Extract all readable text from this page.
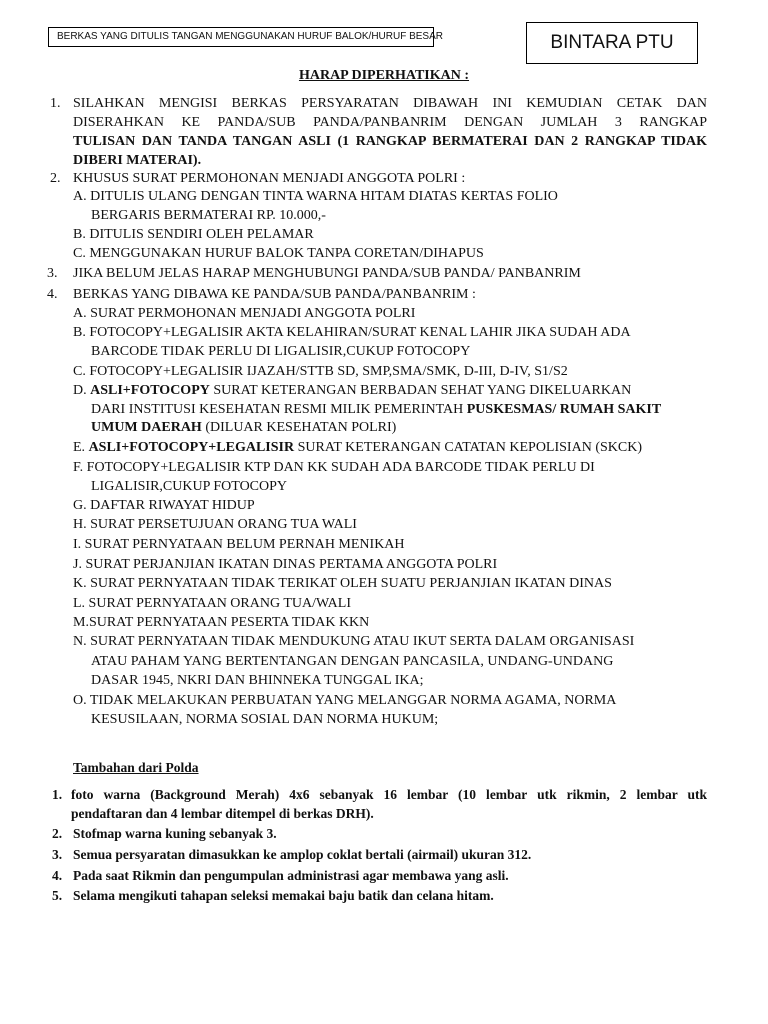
BERKAS YANG DITULIS TANGAN MENGGUNAKAN HURUF BALOK/HURUF BESAR	BINTARA PTU
HARAP DIPERHATIKAN :
1. SILAHKAN MENGISI BERKAS PERSYARATAN DIBAWAH INI KEMUDIAN CETAK DAN
DISERAHKAN KE PANDA/SUB PANDA/PANBANRIM DENGAN JUMLAH 3 RANGKAP
TULISAN DAN TANDA TANGAN ASLI (1 RANGKAP BERMATERAI DAN 2 RANGKAP TIDAK
DIBERI MATERAI).
2. KHUSUS SURAT PERMOHONAN MENJADI ANGGOTA POLRI :
A. DITULIS ULANG DENGAN TINTA WARNA HITAM DIATAS KERTAS FOLIO
BERGARIS BERMATERAI RP. 10.000,-
B. DITULIS SENDIRI OLEH PELAMAR
C. MENGGUNAKAN HURUF BALOK TANPA CORETAN/DIHAPUS
3. JIKA BELUM JELAS HARAP MENGHUBUNGI PANDA/SUB PANDA/ PANBANRIM
4. BERKAS YANG DIBAWA KE PANDA/SUB PANDA/PANBANRIM :
A. SURAT PERMOHONAN MENJADI ANGGOTA POLRI
B. FOTOCOPY+LEGALISIR AKTA KELAHIRAN/SURAT KENAL LAHIR JIKA SUDAH ADA
BARCODE TIDAK PERLU DI LIGALISIR,CUKUP FOTOCOPY
C. FOTOCOPY+LEGALISIR IJAZAH/STTB SD, SMP,SMA/SMK, D-III, D-IV, S1/S2
D. ASLI+FOTOCOPY SURAT KETERANGAN BERBADAN SEHAT YANG DIKELUARKAN
DARI INSTITUSI KESEHATAN RESMI MILIK PEMERINTAH PUSKESMAS/ RUMAH SAKIT
UMUM DAERAH (DILUAR KESEHATAN POLRI)
E. ASLI+FOTOCOPY+LEGALISIR SURAT KETERANGAN CATATAN KEPOLISIAN (SKCK)
F. FOTOCOPY+LEGALISIR KTP DAN KK SUDAH ADA BARCODE TIDAK PERLU DI
LIGALISIR,CUKUP FOTOCOPY
G. DAFTAR RIWAYAT HIDUP
H. SURAT PERSETUJUAN ORANG TUA WALI
I. SURAT PERNYATAAN BELUM PERNAH MENIKAH
J. SURAT PERJANJIAN IKATAN DINAS PERTAMA ANGGOTA POLRI
K. SURAT PERNYATAAN TIDAK TERIKAT OLEH SUATU PERJANJIAN IKATAN DINAS
L. SURAT PERNYATAAN ORANG TUA/WALI
M.SURAT PERNYATAAN PESERTA TIDAK KKN
N. SURAT PERNYATAAN TIDAK MENDUKUNG ATAU IKUT SERTA DALAM ORGANISASI
ATAU PAHAM YANG BERTENTANGAN DENGAN PANCASILA, UNDANG-UNDANG
DASAR 1945, NKRI DAN BHINNEKA TUNGGAL IKA;
O. TIDAK MELAKUKAN PERBUATAN YANG MELANGGAR NORMA AGAMA, NORMA
KESUSILAAN, NORMA SOSIAL DAN NORMA HUKUM;
Tambahan dari Polda
1. foto warna (Background Merah) 4x6 sebanyak 16 lembar (10 lembar utk rikmin, 2 lembar utk
pendaftaran dan 4 lembar ditempel di berkas DRH).
2. Stofmap warna kuning sebanyak 3.
3. Semua persyaratan dimasukkan ke amplop coklat bertali (airmail) ukuran 312.
4. Pada saat Rikmin dan pengumpulan administrasi agar membawa yang asli.
5. Selama mengikuti tahapan seleksi memakai baju batik dan celana hitam.
